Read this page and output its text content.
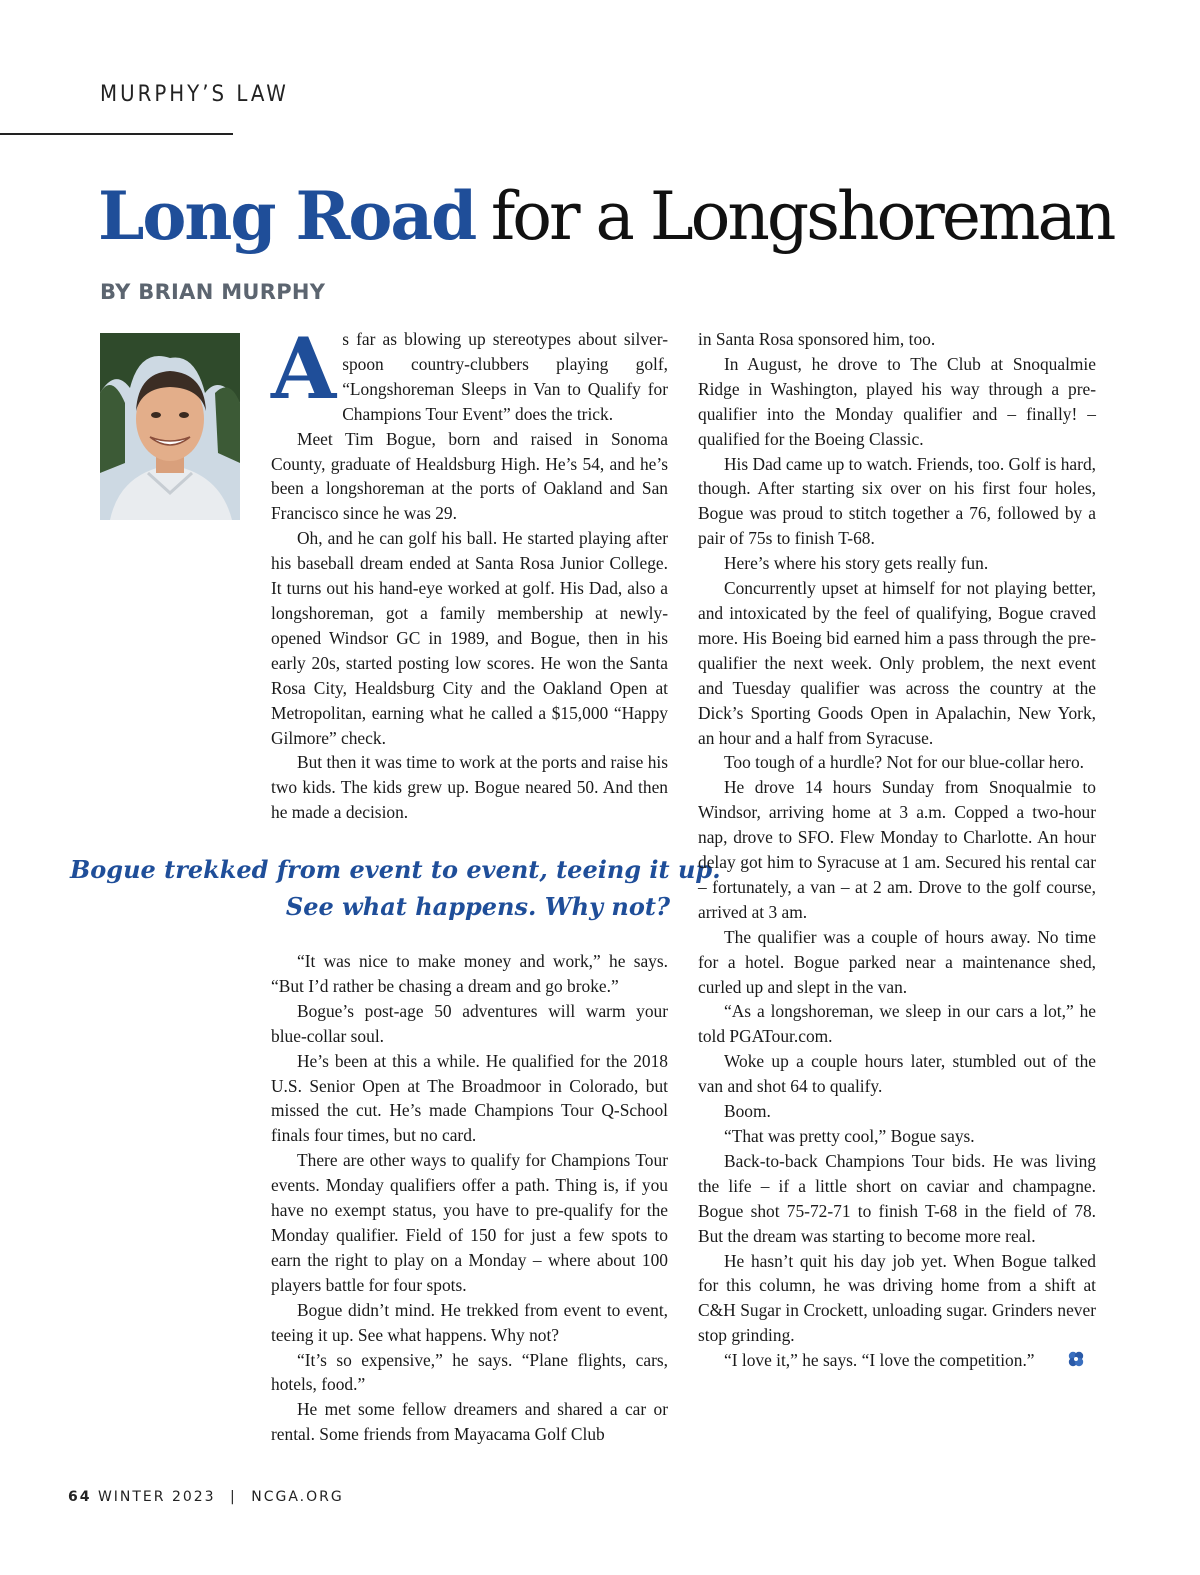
MURPHY’S LAW
Long Road for a Longshoreman
BY BRIAN MURPHY

As far as blowing up stereotypes about silver-spoon country-clubbers playing golf, “Longshoreman Sleeps in Van to Qualify for Champions Tour Event” does the trick.

Meet Tim Bogue, born and raised in Sonoma County, graduate of Healdsburg High. He’s 54, and he’s been a longshoreman at the ports of Oakland and San Francisco since he was 29.

Oh, and he can golf his ball. He started playing after his baseball dream ended at Santa Rosa Junior College. It turns out his hand-eye worked at golf. His Dad, also a longshoreman, got a family membership at newly-opened Windsor GC in 1989, and Bogue, then in his early 20s, started posting low scores. He won the Santa Rosa City, Healdsburg City and the Oakland Open at Metropolitan, earning what he called a $15,000 “Happy Gilmore” check.

But then it was time to work at the ports and raise his two kids. The kids grew up. Bogue neared 50. And then he made a decision.

Bogue trekked from event to event, teeing it up.
See what happens. Why not?

“It was nice to make money and work,” he says. “But I’d rather be chasing a dream and go broke.”

Bogue’s post-age 50 adventures will warm your blue-collar soul.

He’s been at this a while. He qualified for the 2018 U.S. Senior Open at The Broadmoor in Colorado, but missed the cut. He’s made Champions Tour Q-School finals four times, but no card.

There are other ways to qualify for Champions Tour events. Monday qualifiers offer a path. Thing is, if you have no exempt status, you have to pre-qualify for the Monday qualifier. Field of 150 for just a few spots to earn the right to play on a Monday – where about 100 players battle for four spots.

Bogue didn’t mind. He trekked from event to event, teeing it up. See what happens. Why not?

“It’s so expensive,” he says. “Plane flights, cars, hotels, food.”

He met some fellow dreamers and shared a car or rental. Some friends from Mayacama Golf Club

in Santa Rosa sponsored him, too.

In August, he drove to The Club at Snoqualmie Ridge in Washington, played his way through a pre-qualifier into the Monday qualifier and – finally! – qualified for the Boeing Classic.

His Dad came up to watch. Friends, too. Golf is hard, though. After starting six over on his first four holes, Bogue was proud to stitch together a 76, followed by a pair of 75s to finish T-68.

Here’s where his story gets really fun.

Concurrently upset at himself for not playing better, and intoxicated by the feel of qualifying, Bogue craved more. His Boeing bid earned him a pass through the pre-qualifier the next week. Only problem, the next event and Tuesday qualifier was across the country at the Dick’s Sporting Goods Open in Apalachin, New York, an hour and a half from Syracuse.

Too tough of a hurdle? Not for our blue-collar hero.

He drove 14 hours Sunday from Snoqualmie to Windsor, arriving home at 3 a.m. Copped a two-hour nap, drove to SFO. Flew Monday to Charlotte. An hour delay got him to Syracuse at 1 am. Secured his rental car – fortunately, a van – at 2 am. Drove to the golf course, arrived at 3 am.

The qualifier was a couple of hours away. No time for a hotel. Bogue parked near a maintenance shed, curled up and slept in the van.

“As a longshoreman, we sleep in our cars a lot,” he told PGATour.com.

Woke up a couple hours later, stumbled out of the van and shot 64 to qualify.

Boom.

“That was pretty cool,” Bogue says.

Back-to-back Champions Tour bids. He was living the life – if a little short on caviar and champagne. Bogue shot 75-72-71 to finish T-68 in the field of 78. But the dream was starting to become more real.

He hasn’t quit his day job yet. When Bogue talked for this column, he was driving home from a shift at C&H Sugar in Crockett, unloading sugar. Grinders never stop grinding.

“I love it,” he says. “I love the competition.”

64 WINTER 2023 | NCGA.ORG
